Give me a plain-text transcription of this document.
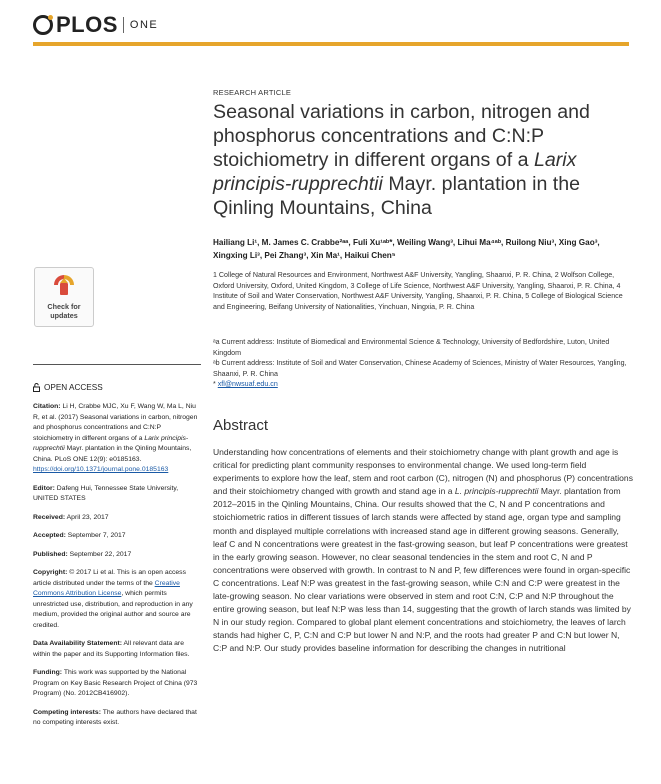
PLOS ONE
RESEARCH ARTICLE
Seasonal variations in carbon, nitrogen and phosphorus concentrations and C:N:P stoichiometry in different organs of a Larix principis-rupprechtii Mayr. plantation in the Qinling Mountains, China
Hailiang Li¹, M. James C. Crabbe²ᵃᵃ, Fuli Xu¹ᵃᵇ*, Weiling Wang³, Lihui Ma⁴ᵃᵇ, Ruilong Niu³, Xing Gao³, Xingxing Li³, Pei Zhang³, Xin Ma¹, Haikui Chen⁵

1 College of Natural Resources and Environment, Northwest A&F University, Yangling, Shaanxi, P. R. China, 2 Wolfson College, Oxford University, Oxford, United Kingdom, 3 College of Life Science, Northwest A&F University, Yangling, Shaanxi, P. R. China, 4 Institute of Soil and Water Conservation, Northwest A&F University, Yangling, Shaanxi, P. R. China, 5 College of Biological Science and Engineering, Beifang University of Nationalities, Yinchuan, Ningxia, P. R. China

ᵃa Current address: Institute of Biomedical and Environmental Science & Technology, University of Bedfordshire, Luton, United Kingdom

ᵃb Current address: Institute of Soil and Water Conservation, Chinese Academy of Sciences, Ministry of Water Resources, Yangling, Shaanxi, P. R. China

* xfl@nwsuaf.edu.cn

Check for
updates
OPEN ACCESS

Citation: Li H, Crabbe MJC, Xu F, Wang W, Ma L, Niu R, et al. (2017) Seasonal variations in carbon, nitrogen and phosphorus concentrations and C:N:P stoichiometry in different organs of a Larix principis-rupprechtii Mayr. plantation in the Qinling Mountains, China. PLoS ONE 12(9): e0185163. https://doi.org/10.1371/journal.pone.0185163

Editor: Dafeng Hui, Tennessee State University, UNITED STATES

Received: April 23, 2017

Accepted: September 7, 2017

Published: September 22, 2017

Copyright: © 2017 Li et al. This is an open access article distributed under the terms of the Creative Commons Attribution License, which permits unrestricted use, distribution, and reproduction in any medium, provided the original author and source are credited.

Data Availability Statement: All relevant data are within the paper and its Supporting Information files.

Funding: This work was supported by the National Program on Key Basic Research Project of China (973 Program) (No. 2012CB416902).

Competing interests: The authors have declared that no competing interests exist.

Abstract
Understanding how concentrations of elements and their stoichiometry change with plant growth and age is critical for predicting plant community responses to environmental change. We used long-term field experiments to explore how the leaf, stem and root carbon (C), nitrogen (N) and phosphorus (P) concentrations and their stoichiometry changed with growth and stand age in a L. principis-rupprechtii Mayr. plantation from 2012–2015 in the Qinling Mountains, China. Our results showed that the C, N and P concentrations and stoichiometric ratios in different tissues of larch stands were affected by stand age, organ type and sampling month and displayed multiple correlations with increased stand age in different growing seasons. Generally, leaf C and N concentrations were greatest in the fast-growing season, but leaf P concentrations were greatest in the early growing season. However, no clear seasonal tendencies in the stem and root C, N and P concentrations were observed with growth. In contrast to N and P, few differences were found in organ-specific C concentrations. Leaf N:P was greatest in the fast-growing season, while C:N and C:P were greatest in the late-growing season. No clear variations were observed in stem and root C:N, C:P and N:P throughout the entire growing season, but leaf N:P was less than 14, suggesting that the growth of larch stands was limited by N in our study region. Compared to global plant element concentrations and stoichiometry, the leaves of larch stands had higher C, P, C:N and C:P but lower N and N:P, and the roots had greater P and C:N but lower N, C:P and N:P. Our study provides baseline information for describing the changes in nutritional
